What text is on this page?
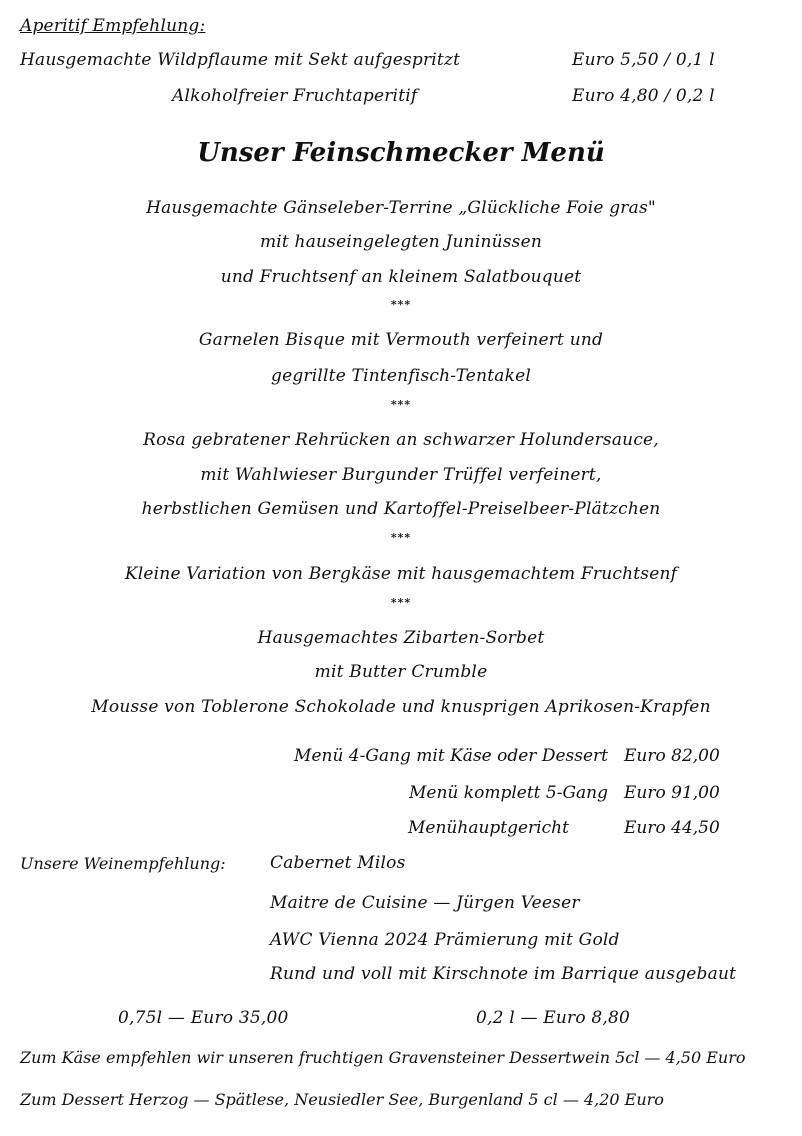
Aperitif Empfehlung:
Hausgemachte Wildpflaume mit Sekt aufgespritzt	Euro 5,50 / 0,1 l
Alkoholfreier Fruchtaperitif	Euro 4,80 / 0,2 l
Unser Feinschmecker Menü
Hausgemachte Gänseleber-Terrine „Glückliche Foie gras"
mit hauseingelegten Juninüssen
und Fruchtsenf an kleinem Salatbouquet
***
Garnelen Bisque mit Vermouth verfeinert und
gegrillte Tintenfisch-Tentakel
***
Rosa gebratener Rehrücken an schwarzer Holundersauce,
mit Wahlwieser Burgunder Trüffel verfeinert,
herbstlichen Gemüsen und Kartoffel-Preiselbeer-Plätzchen
***
Kleine Variation von Bergkäse mit hausgemachtem Fruchtsenf
***
Hausgemachtes Zibarten-Sorbet
mit Butter Crumble
Mousse von Toblerone Schokolade und knusprigen Aprikosen-Krapfen
Menü 4-Gang mit Käse oder Dessert Euro 82,00
Menü komplett 5-Gang Euro 91,00
Menühauptgericht	Euro 44,50
Unsere Weinempfehlung:	Cabernet Milos
Maitre de Cuisine — Jürgen Veeser
AWC Vienna 2024 Prämierung mit Gold
Rund und voll mit Kirschnote im Barrique ausgebaut
0,75l — Euro 35,00	0,2 l — Euro 8,80
Zum Käse empfehlen wir unseren fruchtigen Gravensteiner Dessertwein 5cl — 4,50 Euro
Zum Dessert Herzog — Spätlese, Neusiedler See, Burgenland 5 cl — 4,20 Euro
